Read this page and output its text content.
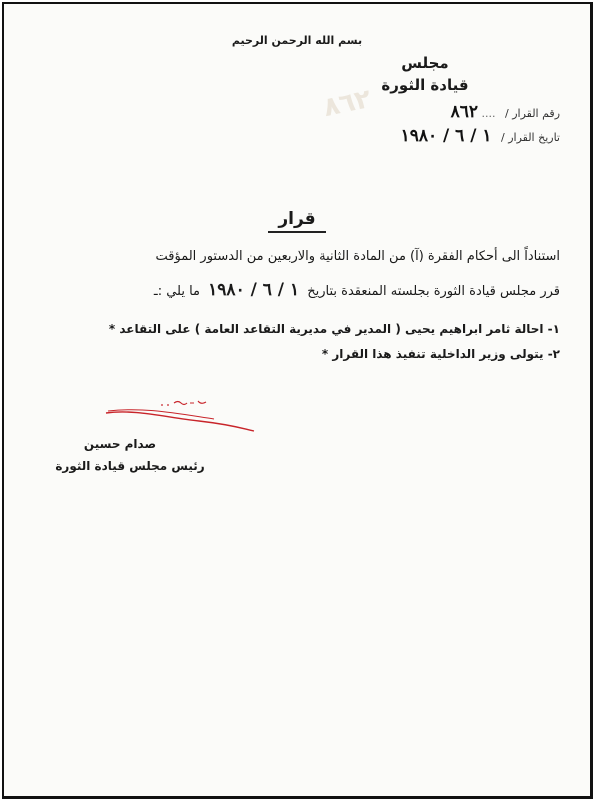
٨٦٢
بسم الله الرحمن الرحيم
مجلس
قيادة الثورة
رقم القرار / .... ٨٦٢
تاريخ القرار / ١ / ٦ / ١٩٨٠
قرار
استناداً الى أحكام الفقرة (آ) من المادة الثانية والاربعين من الدستور المؤقت
قرر مجلس قيادة الثورة بجلسته المنعقدة بتاريخ ١ / ٦ / ١٩٨٠ ما يلي :ـ
١- احالة ثامر ابراهيم يحيى ( المدير في مديرية التقاعد العامة ) على التقاعد *
٢- يتولى وزير الداخلية تنفيذ هذا القرار *
صدام حسين
رئيس مجلس قيادة الثورة
